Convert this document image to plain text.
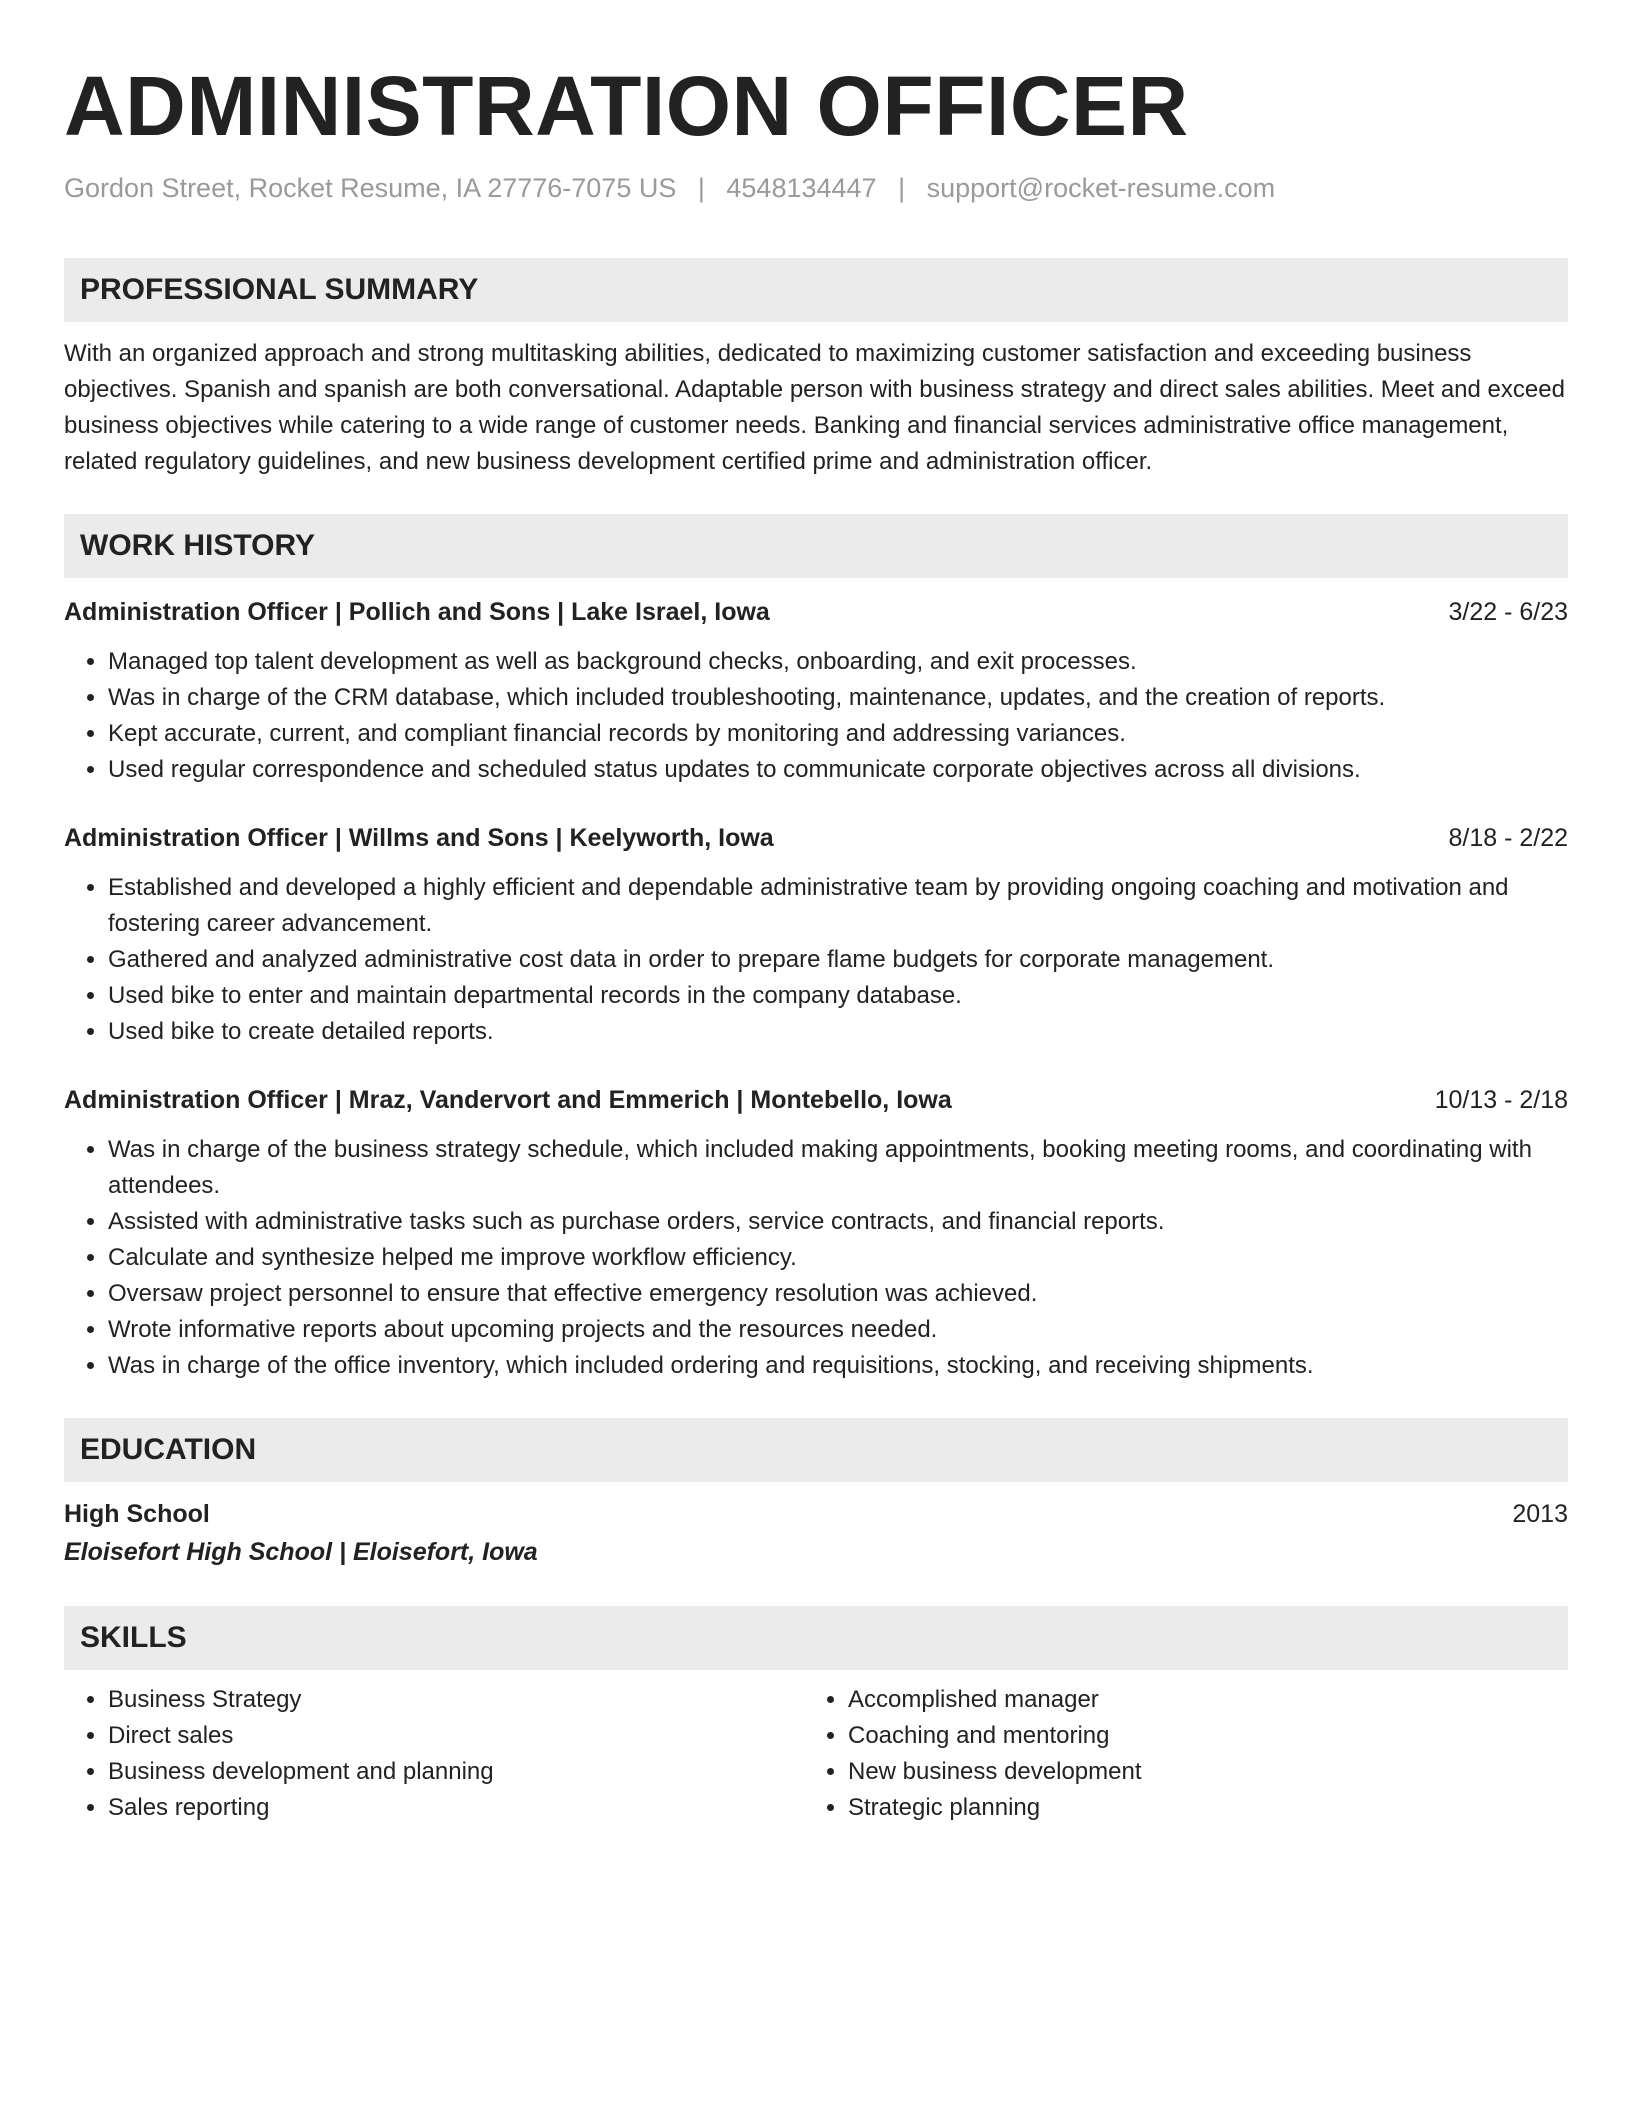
ADMINISTRATION OFFICER
Gordon Street, Rocket Resume, IA 27776-7075 US | 4548134447 | support@rocket-resume.com
PROFESSIONAL SUMMARY

With an organized approach and strong multitasking abilities, dedicated to maximizing customer satisfaction and exceeding business objectives. Spanish and spanish are both conversational. Adaptable person with business strategy and direct sales abilities. Meet and exceed business objectives while catering to a wide range of customer needs. Banking and financial services administrative office management, related regulatory guidelines, and new business development certified prime and administration officer.

WORK HISTORY
Administration Officer | Pollich and Sons | Lake Israel, Iowa	3/22 - 6/23
• Managed top talent development as well as background checks, onboarding, and exit processes.
• Was in charge of the CRM database, which included troubleshooting, maintenance, updates, and the creation of reports.
• Kept accurate, current, and compliant financial records by monitoring and addressing variances.
• Used regular correspondence and scheduled status updates to communicate corporate objectives across all divisions.
Administration Officer | Willms and Sons | Keelyworth, Iowa	8/18 - 2/22
• Established and developed a highly efficient and dependable administrative team by providing ongoing coaching and motivation and fostering career advancement.
• Gathered and analyzed administrative cost data in order to prepare flame budgets for corporate management.
• Used bike to enter and maintain departmental records in the company database.
• Used bike to create detailed reports.
Administration Officer | Mraz, Vandervort and Emmerich | Montebello, Iowa	10/13 - 2/18
• Was in charge of the business strategy schedule, which included making appointments, booking meeting rooms, and coordinating with attendees.
• Assisted with administrative tasks such as purchase orders, service contracts, and financial reports.
• Calculate and synthesize helped me improve workflow efficiency.
• Oversaw project personnel to ensure that effective emergency resolution was achieved.
• Wrote informative reports about upcoming projects and the resources needed.
• Was in charge of the office inventory, which included ordering and requisitions, stocking, and receiving shipments.
EDUCATION
High School	2013
Eloisefort High School | Eloisefort, Iowa
SKILLS
• Business Strategy
• Direct sales
• Business development and planning
• Sales reporting
• Accomplished manager
• Coaching and mentoring
• New business development
• Strategic planning
